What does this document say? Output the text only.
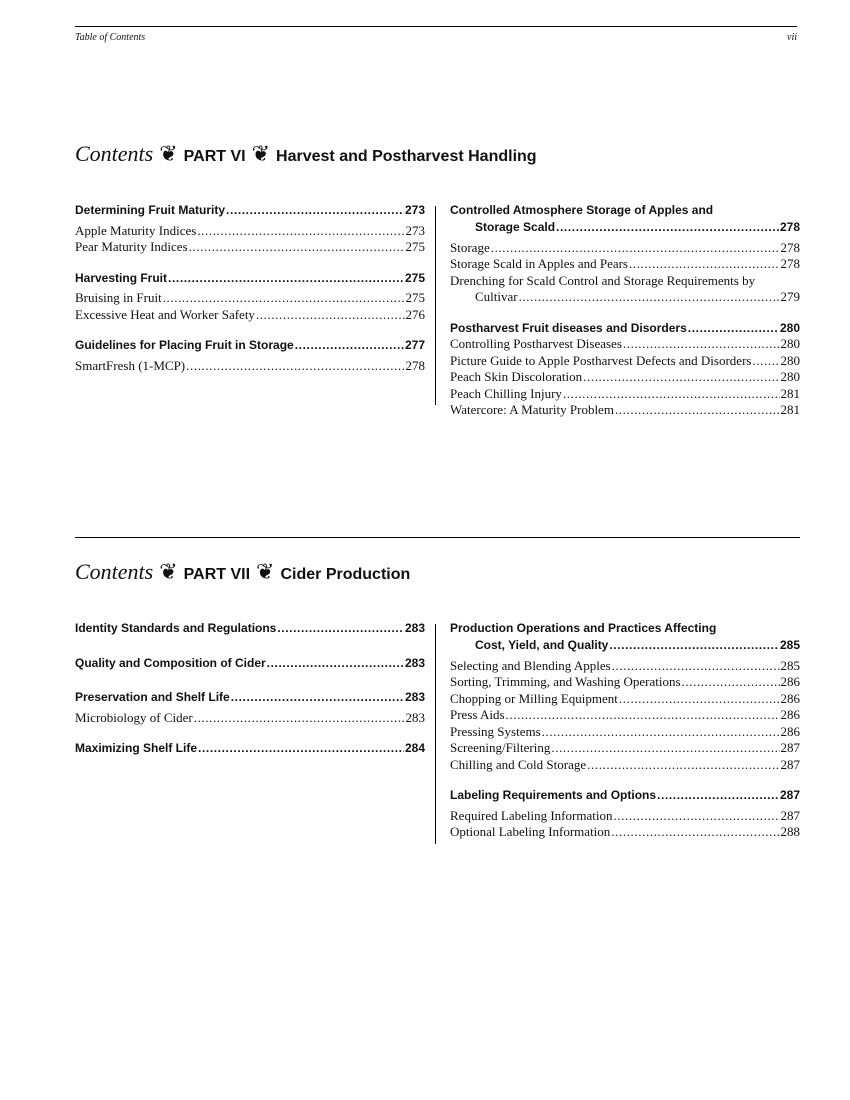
Table of Contents	vii
Contents ❦ PART VI ❦ Harvest and Postharvest Handling
Determining Fruit Maturity .....	273
Apple Maturity Indices .....	273
Pear Maturity Indices .....	275
Harvesting Fruit .....	275
Bruising in Fruit .....	275
Excessive Heat and Worker Safety .....	276
Guidelines for Placing Fruit in Storage .....	277
SmartFresh (1-MCP) .....	278
Controlled Atmosphere Storage of Apples and
Storage Scald .....	278
Storage .....	278
Storage Scald in Apples and Pears .....	278
Drenching for Scald Control and Storage Requirements by
Cultivar .....	279
Postharvest Fruit diseases and Disorders .....	280
Controlling Postharvest Diseases .....	280
Picture Guide to Apple Postharvest Defects and Disorders ..... 280
Peach Skin Discoloration .....	280
Peach Chilling Injury .....	281
Watercore: A Maturity Problem .....	281
Contents ❦ PART VII ❦ Cider Production
Identity Standards and Regulations .....	283
Quality and Composition of Cider .....	283
Preservation and Shelf Life .....	283
Microbiology of Cider .....	283
Maximizing Shelf Life .....	284
Production Operations and Practices Affecting
Cost, Yield, and Quality .....	285
Selecting and Blending Apples .....	285
Sorting, Trimming, and Washing Operations .....	286
Chopping or Milling Equipment .....	286
Press Aids .....	286
Pressing Systems .....	286
Screening/Filtering .....	287
Chilling and Cold Storage .....	287
Labeling Requirements and Options .....	287
Required Labeling Information .....	287
Optional Labeling Information .....	288
